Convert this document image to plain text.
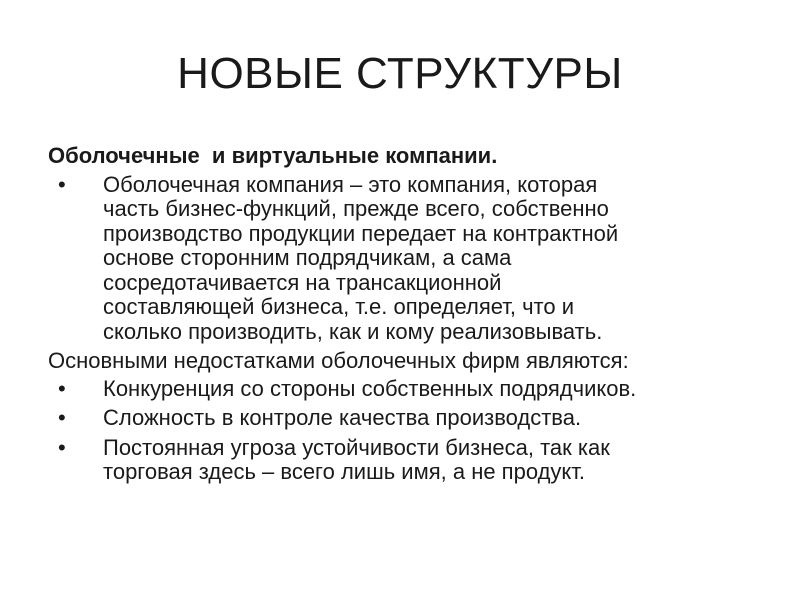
НОВЫЕ СТРУКТУРЫ
Оболочечные  и виртуальные компании.
• Оболочечная компания – это компания, которая
часть бизнес-функций, прежде всего, собственно
производство продукции передает на контрактной
основе сторонним подрядчикам, а сама
сосредотачивается на трансакционной
составляющей бизнеса, т.е. определяет, что и
сколько производить, как и кому реализовывать.
Основными недостатками оболочечных фирм являются:
• Конкуренция со стороны собственных подрядчиков.
• Сложность в контроле качества производства.
• Постоянная угроза устойчивости бизнеса, так как
торговая здесь – всего лишь имя, а не продукт.
